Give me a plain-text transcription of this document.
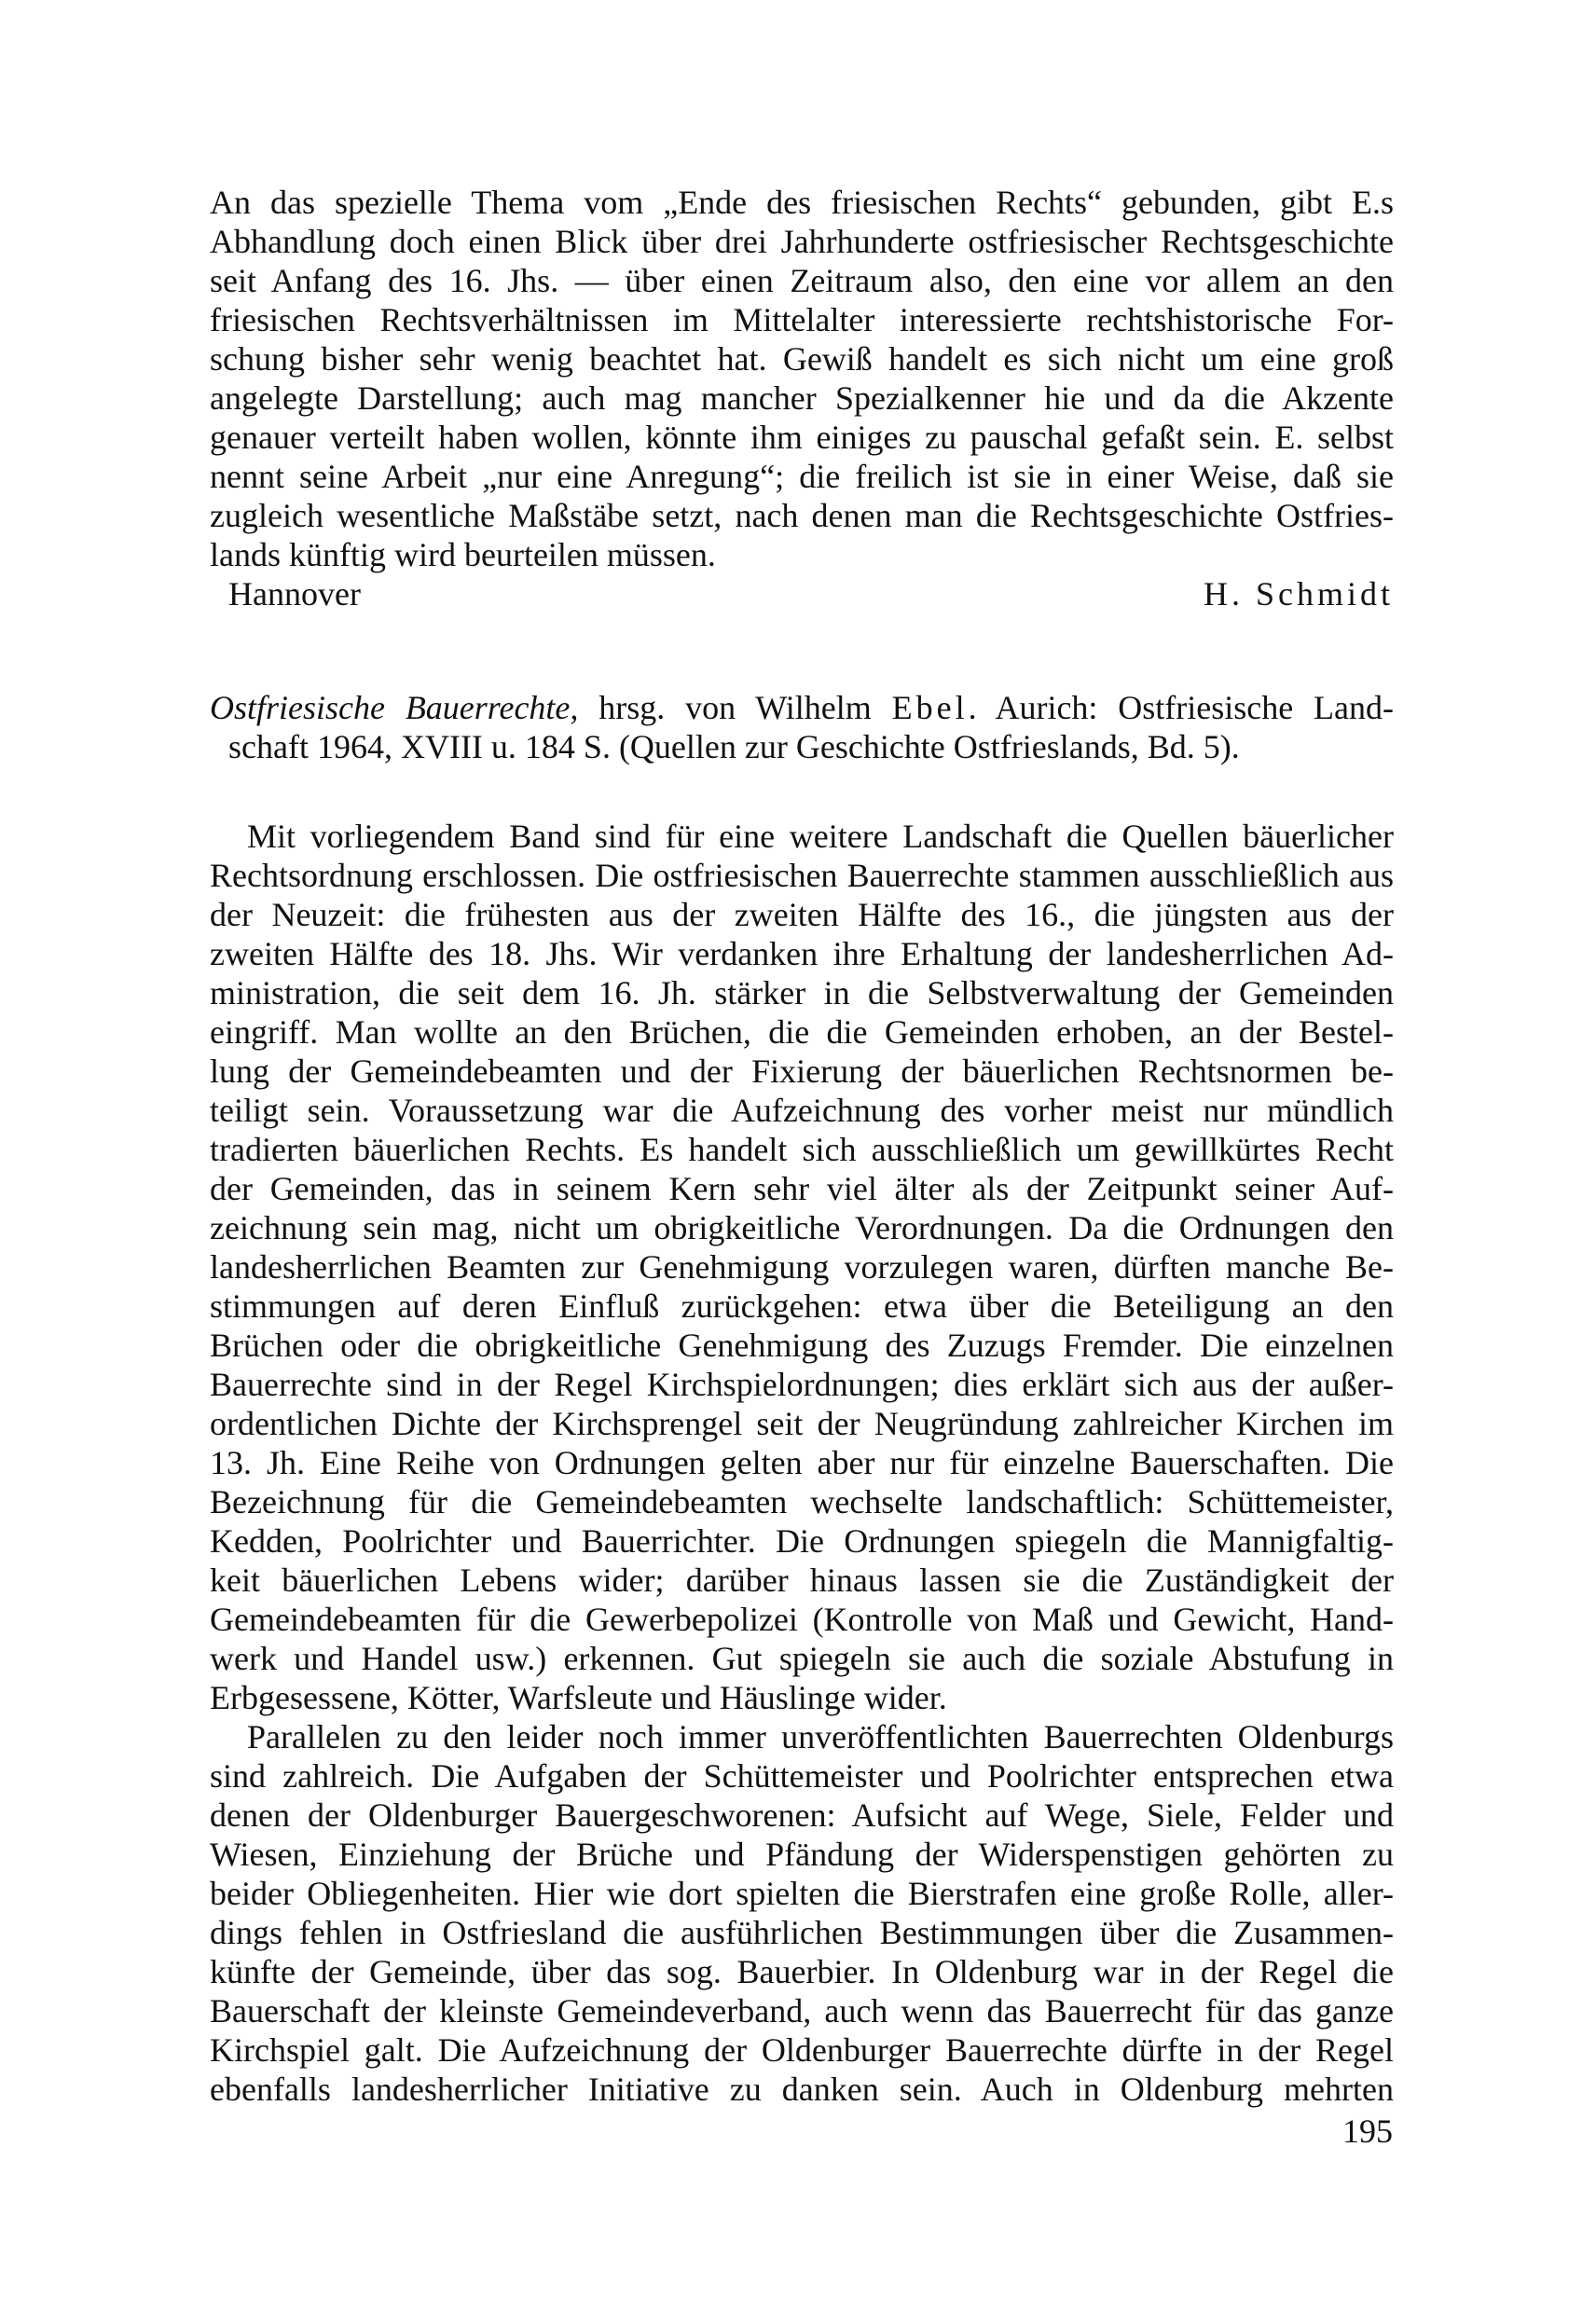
An das spezielle Thema vom „Ende des friesischen Rechts“ gebunden, gibt E.s
Abhandlung doch einen Blick über drei Jahrhunderte ostfriesischer Rechtsgeschichte
seit Anfang des 16. Jhs. — über einen Zeitraum also, den eine vor allem an den
friesischen Rechtsverhältnissen im Mittelalter interessierte rechtshistorische For-
schung bisher sehr wenig beachtet hat. Gewiß handelt es sich nicht um eine groß
angelegte Darstellung; auch mag mancher Spezialkenner hie und da die Akzente
genauer verteilt haben wollen, könnte ihm einiges zu pauschal gefaßt sein. E. selbst
nennt seine Arbeit „nur eine Anregung“; die freilich ist sie in einer Weise, daß sie
zugleich wesentliche Maßstäbe setzt, nach denen man die Rechtsgeschichte Ostfries-
lands künftig wird beurteilen müssen.
Hannover	H. Schmidt
Ostfriesische Bauerrechte, hrsg. von Wilhelm Ebel. Aurich: Ostfriesische Land-
schaft 1964, XVIII u. 184 S. (Quellen zur Geschichte Ostfrieslands, Bd. 5).
Mit vorliegendem Band sind für eine weitere Landschaft die Quellen bäuerlicher
Rechtsordnung erschlossen. Die ostfriesischen Bauerrechte stammen ausschließlich aus
der Neuzeit: die frühesten aus der zweiten Hälfte des 16., die jüngsten aus der
zweiten Hälfte des 18. Jhs. Wir verdanken ihre Erhaltung der landesherrlichen Ad-
ministration, die seit dem 16. Jh. stärker in die Selbstverwaltung der Gemeinden
eingriff. Man wollte an den Brüchen, die die Gemeinden erhoben, an der Bestel-
lung der Gemeindebeamten und der Fixierung der bäuerlichen Rechtsnormen be-
teiligt sein. Voraussetzung war die Aufzeichnung des vorher meist nur mündlich
tradierten bäuerlichen Rechts. Es handelt sich ausschließlich um gewillkürtes Recht
der Gemeinden, das in seinem Kern sehr viel älter als der Zeitpunkt seiner Auf-
zeichnung sein mag, nicht um obrigkeitliche Verordnungen. Da die Ordnungen den
landesherrlichen Beamten zur Genehmigung vorzulegen waren, dürften manche Be-
stimmungen auf deren Einfluß zurückgehen: etwa über die Beteiligung an den
Brüchen oder die obrigkeitliche Genehmigung des Zuzugs Fremder. Die einzelnen
Bauerrechte sind in der Regel Kirchspielordnungen; dies erklärt sich aus der außer-
ordentlichen Dichte der Kirchsprengel seit der Neugründung zahlreicher Kirchen im
13. Jh. Eine Reihe von Ordnungen gelten aber nur für einzelne Bauerschaften. Die
Bezeichnung für die Gemeindebeamten wechselte landschaftlich: Schüttemeister,
Kedden, Poolrichter und Bauerrichter. Die Ordnungen spiegeln die Mannigfaltig-
keit bäuerlichen Lebens wider; darüber hinaus lassen sie die Zuständigkeit der
Gemeindebeamten für die Gewerbepolizei (Kontrolle von Maß und Gewicht, Hand-
werk und Handel usw.) erkennen. Gut spiegeln sie auch die soziale Abstufung in
Erbgesessene, Kötter, Warfsleute und Häuslinge wider.
Parallelen zu den leider noch immer unveröffentlichten Bauerrechten Oldenburgs
sind zahlreich. Die Aufgaben der Schüttemeister und Poolrichter entsprechen etwa
denen der Oldenburger Bauergeschworenen: Aufsicht auf Wege, Siele, Felder und
Wiesen, Einziehung der Brüche und Pfändung der Widerspenstigen gehörten zu
beider Obliegenheiten. Hier wie dort spielten die Bierstrafen eine große Rolle, aller-
dings fehlen in Ostfriesland die ausführlichen Bestimmungen über die Zusammen-
künfte der Gemeinde, über das sog. Bauerbier. In Oldenburg war in der Regel die
Bauerschaft der kleinste Gemeindeverband, auch wenn das Bauerrecht für das ganze
Kirchspiel galt. Die Aufzeichnung der Oldenburger Bauerrechte dürfte in der Regel
ebenfalls landesherrlicher Initiative zu danken sein. Auch in Oldenburg mehrten
195
